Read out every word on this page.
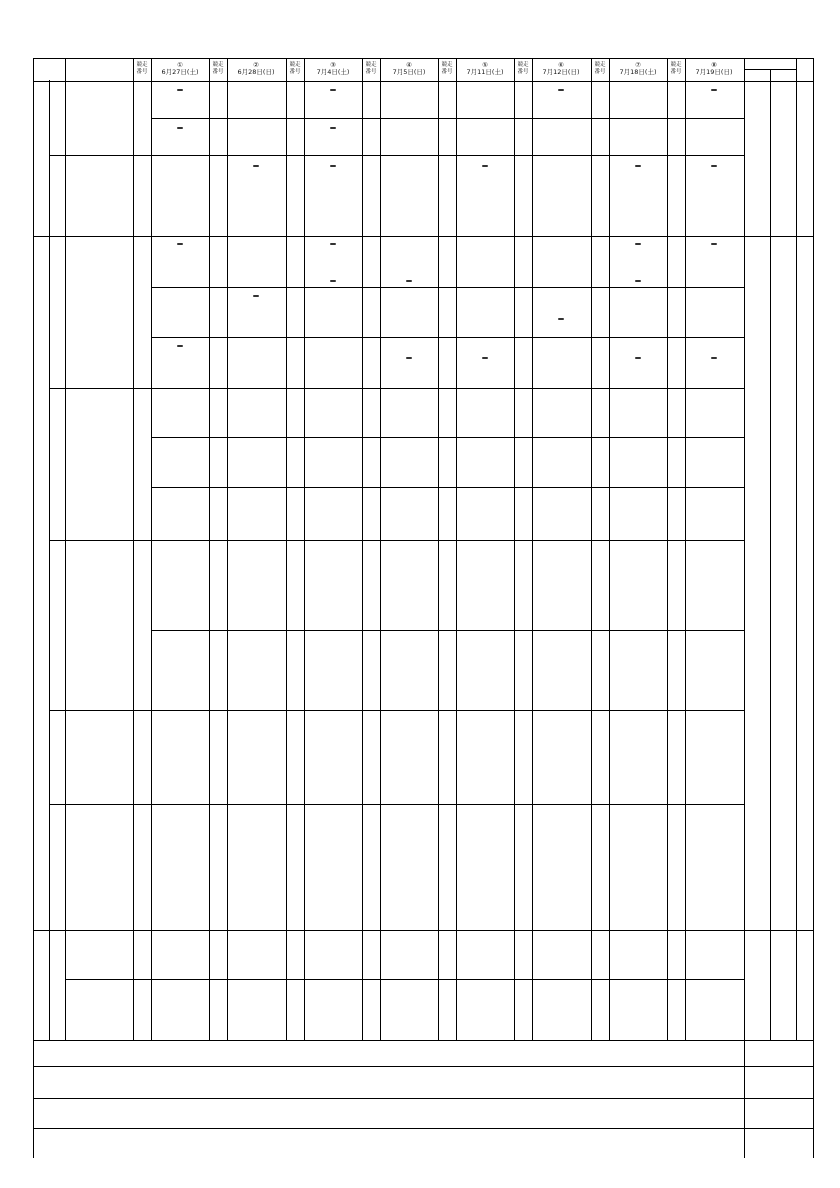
競走 番号
①
6月27日(土)
競走 番号
②
6月28日(日)
競走 番号
③
7月4日(土)
競走 番号
④
7月5日(日)
競走 番号
⑤
7月11日(土)
競走 番号
⑥
7月12日(日)
競走 番号
⑦
7月18日(土)
競走 番号
⑧
7月19日(日)
